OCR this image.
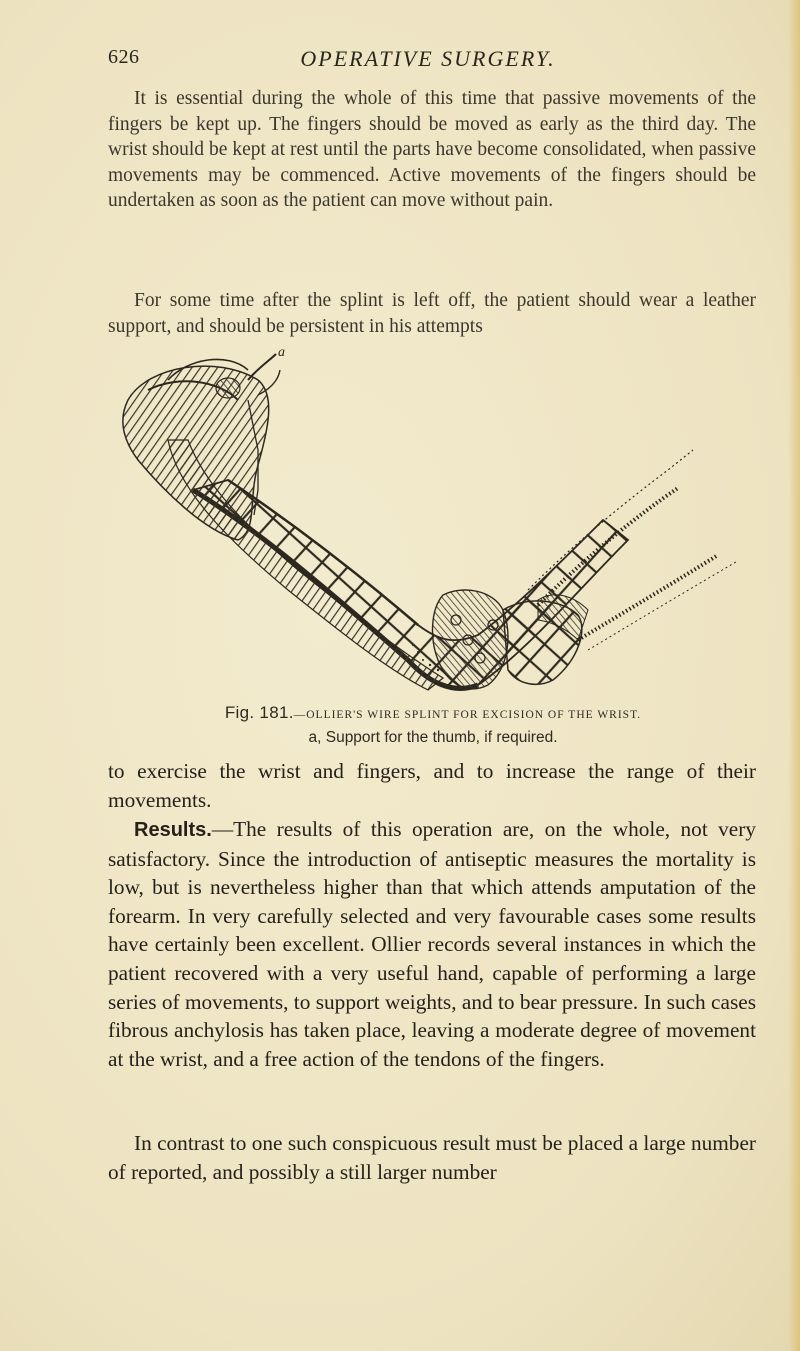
626	OPERATIVE SURGERY.

It is essential during the whole of this time that passive movements of the fingers be kept up. The fingers should be moved as early as the third day. The wrist should be kept at rest until the parts have become consolidated, when passive movements may be commenced. Active movements of the fingers should be undertaken as soon as the patient can move without pain.

For some time after the splint is left off, the patient should wear a leather support, and should be persistent in his attempts

a
Fig. 181.—OLLIER'S WIRE SPLINT FOR EXCISION OF THE WRIST.
a, Support for the thumb, if required.

to exercise the wrist and fingers, and to increase the range of their movements.

Results.—The results of this operation are, on the whole, not very satisfactory. Since the introduction of antiseptic measures the mortality is low, but is nevertheless higher than that which attends amputation of the forearm. In very carefully selected and very favourable cases some results have certainly been excellent. Ollier records several instances in which the patient recovered with a very useful hand, capable of performing a large series of movements, to support weights, and to bear pressure. In such cases fibrous anchylosis has taken place, leaving a moderate degree of movement at the wrist, and a free action of the tendons of the fingers.

In contrast to one such conspicuous result must be placed a large number of reported, and possibly a still larger number
